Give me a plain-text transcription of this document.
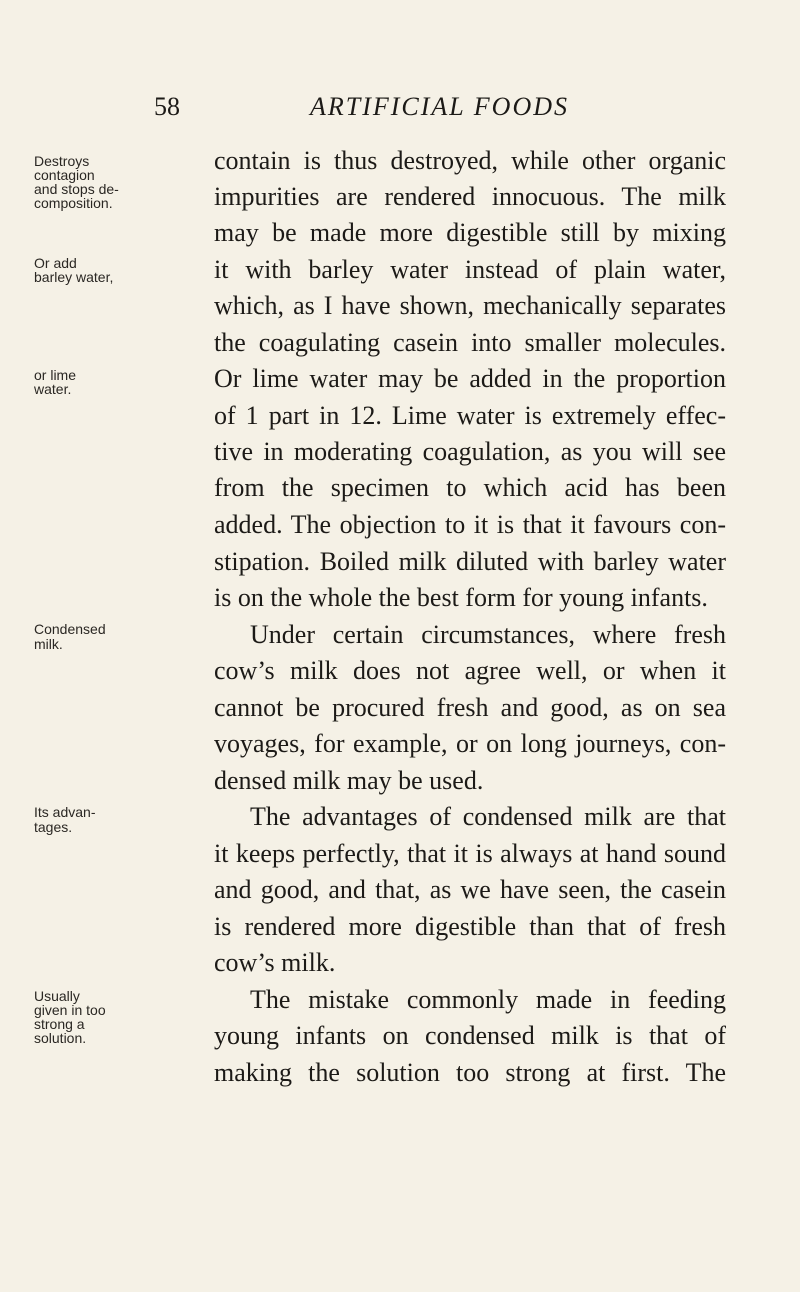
58	ARTIFICIAL FOODS
contain is thus destroyed, while other organic
impurities are rendered innocuous. The milk
may be made more digestible still by mixing
it with barley water instead of plain water,
which, as I have shown, mechanically separates
the coagulating casein into smaller molecules.
Or lime water may be added in the proportion
of 1 part in 12. Lime water is extremely effec-
tive in moderating coagulation, as you will see
from the specimen to which acid has been
added. The objection to it is that it favours con-
stipation. Boiled milk diluted with barley water
is on the whole the best form for young infants.
Under certain circumstances, where fresh
cow’s milk does not agree well, or when it
cannot be procured fresh and good, as on sea
voyages, for example, or on long journeys, con-
densed milk may be used.
The advantages of condensed milk are that
it keeps perfectly, that it is always at hand sound
and good, and that, as we have seen, the casein
is rendered more digestible than that of fresh
cow’s milk.
The mistake commonly made in feeding
young infants on condensed milk is that of
making the solution too strong at first. The
Destroys
contagion
and stops de-
composition.
Or add
barley water,
or lime
water.
Condensed
milk.
Its advan-
tages.
Usually
given in too
strong a
solution.
